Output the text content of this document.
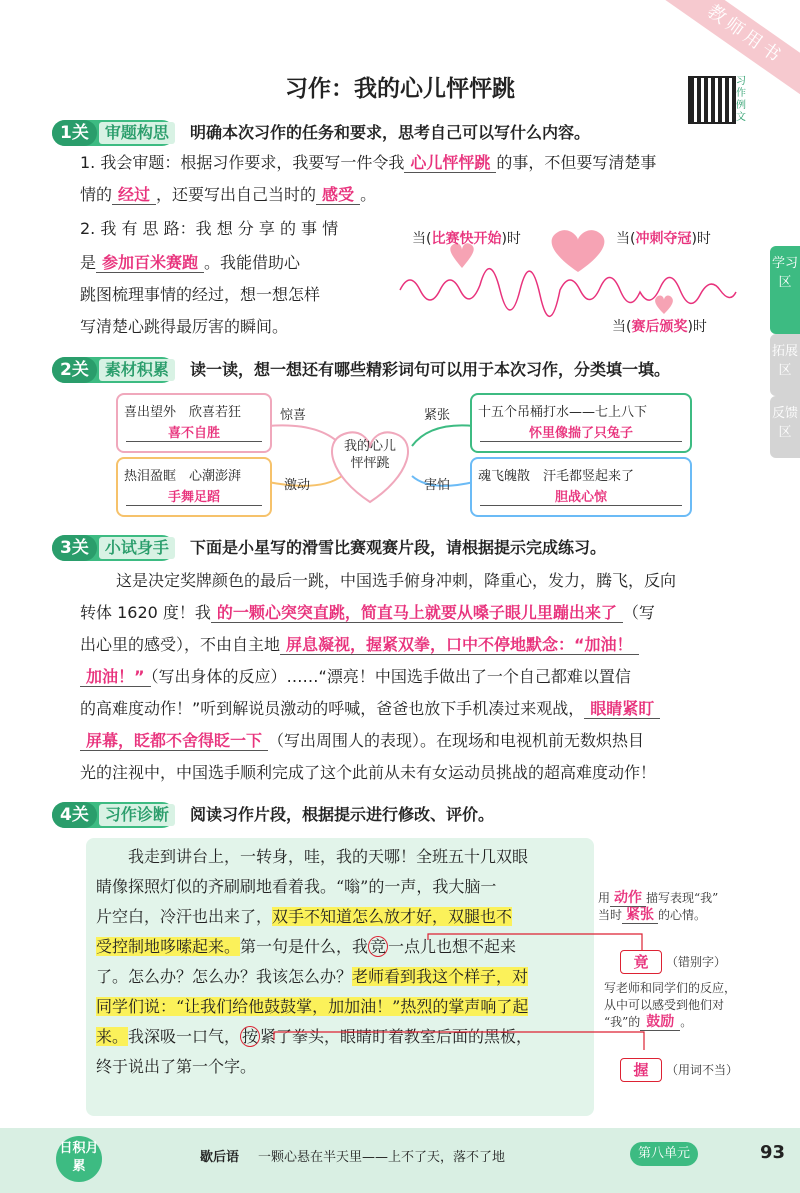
教师用书
习作：我的心儿怦怦跳	习作例文
学习区
拓展区
反馈区
1关	审题构思	明确本次习作的任务和要求，思考自己可以写什么内容。
1. 我会审题：根据习作要求，我要写一件令我 心儿怦怦跳 的事，不但要写清楚事
情的 经过 ，还要写出自己当时的 感受 。
2. 我 有 思 路：我 想 分 享 的 事 情
是 参加百米赛跑 。我能借助心
跳图梳理事情的经过，想一想怎样
写清楚心跳得最厉害的瞬间。
当(比赛快开始)时	当(冲刺夺冠)时
当(赛后颁奖)时
2关	素材积累	读一读，想一想还有哪些精彩词句可以用于本次习作，分类填一填。
我的心儿怦怦跳
惊喜	紧张
激动	害怕
喜出望外　欣喜若狂
喜不自胜
十五个吊桶打水——七上八下
怀里像揣了只兔子
热泪盈眶　心潮澎湃
手舞足蹈
魂飞魄散　汗毛都竖起来了
胆战心惊
3关	小试身手	下面是小星写的滑雪比赛观赛片段，请根据提示完成练习。
这是决定奖牌颜色的最后一跳，中国选手俯身冲刺，降重心，发力，腾飞，反向
转体 1620 度！我 的一颗心突突直跳，简直马上就要从嗓子眼儿里蹦出来了 （写
出心里的感受），不由自主地 屏息凝视，握紧双拳，口中不停地默念：“加油！
加油！” （写出身体的反应）……“漂亮！中国选手做出了一个自己都难以置信
的高难度动作！”听到解说员激动的呼喊，爸爸也放下手机凑过来观战， 眼睛紧盯
屏幕，眨都不舍得眨一下 （写出周围人的表现）。在现场和电视机前无数炽热目
光的注视中，中国选手顺利完成了这个此前从未有女运动员挑战的超高难度动作！
4关	习作诊断	阅读习作片段，根据提示进行修改、评价。
我走到讲台上，一转身，哇，我的天哪！全班五十几双眼
睛像探照灯似的齐刷刷地看着我。“嗡”的一声，我大脑一
片空白，冷汗也出来了，双手不知道怎么放才好，双腿也不
受控制地哆嗦起来。第一句是什么，我 竞 一点儿也想不起来
了。怎么办？怎么办？我该怎么办？老师看到我这个样子，对
同学们说：“让我们给他鼓鼓掌，加加油！”热烈的掌声响了起
来。我深吸一口气， 按 紧了拳头，眼睛盯着教室后面的黑板，
终于说出了第一个字。
用 动作 描写表现“我”
当时 紧张 的心情。
竟	（错别字）
写老师和同学们的反应，
从中可以感受到他们对
“我”的 鼓励 。
握	（用词不当）
日积月累
歇后语 一颗心悬在半天里——上不了天，落不了地	第八单元	93
